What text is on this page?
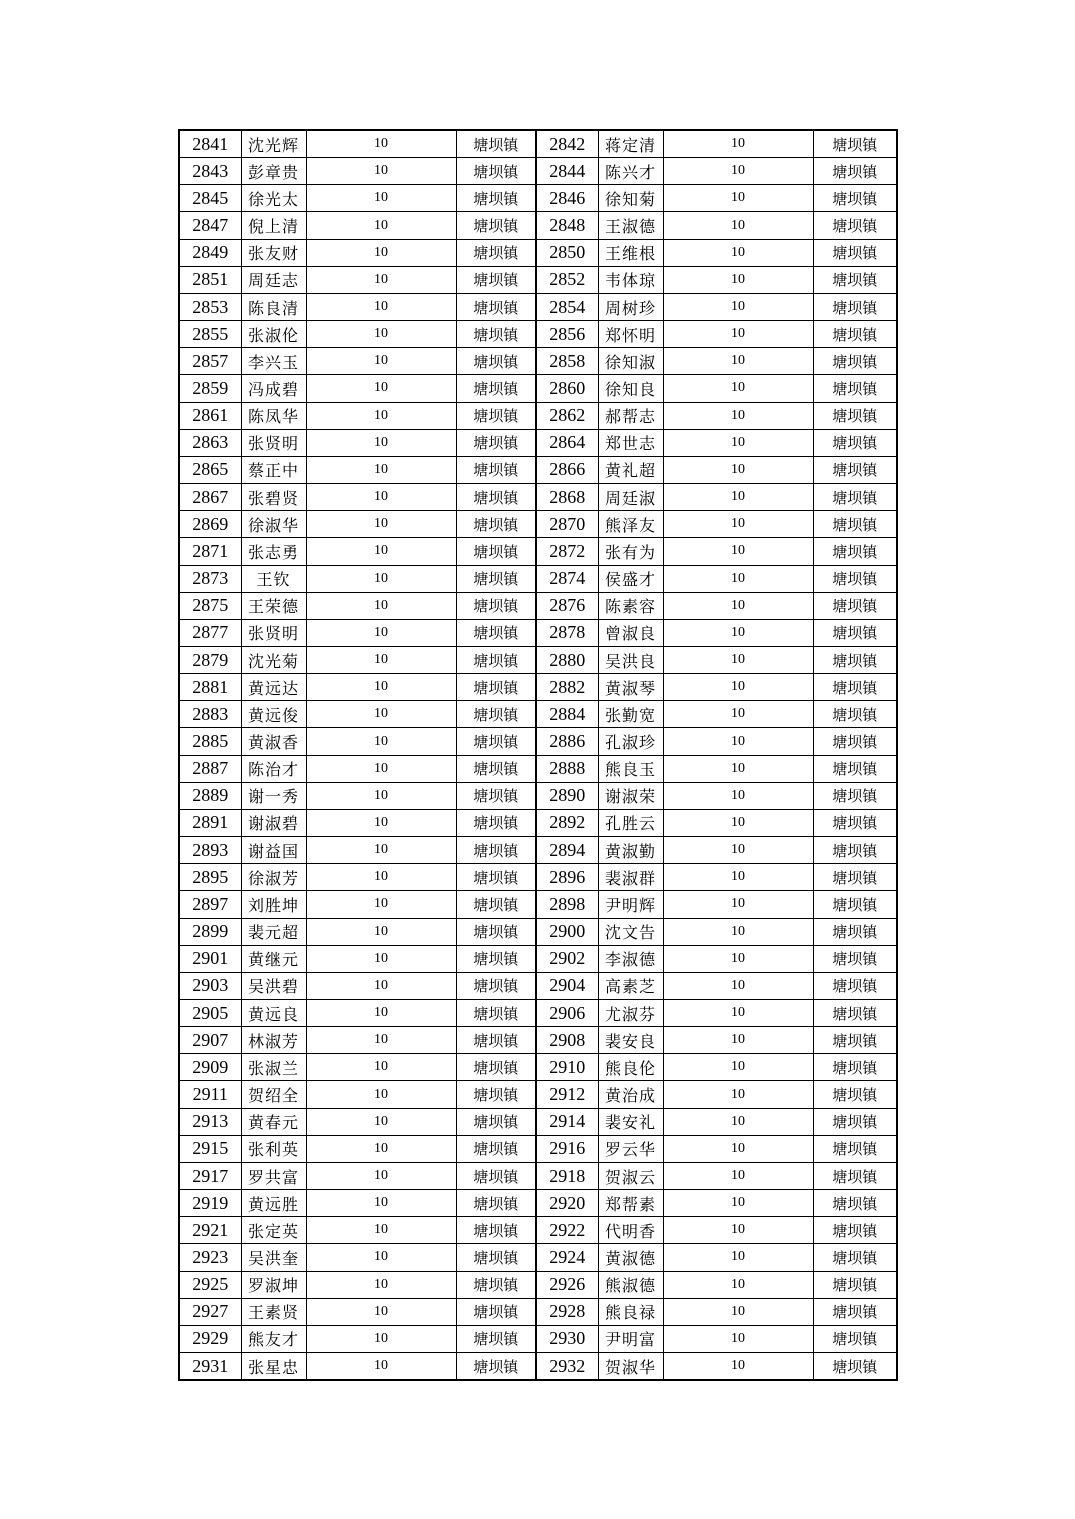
2841	沈光辉	10	塘坝镇	2842	蒋定清	10	塘坝镇
2843	彭章贵	10	塘坝镇	2844	陈兴才	10	塘坝镇
2845	徐光太	10	塘坝镇	2846	徐知菊	10	塘坝镇
2847	倪上清	10	塘坝镇	2848	王淑德	10	塘坝镇
2849	张友财	10	塘坝镇	2850	王维根	10	塘坝镇
2851	周廷志	10	塘坝镇	2852	韦体琼	10	塘坝镇
2853	陈良清	10	塘坝镇	2854	周树珍	10	塘坝镇
2855	张淑伦	10	塘坝镇	2856	郑怀明	10	塘坝镇
2857	李兴玉	10	塘坝镇	2858	徐知淑	10	塘坝镇
2859	冯成碧	10	塘坝镇	2860	徐知良	10	塘坝镇
2861	陈凤华	10	塘坝镇	2862	郝帮志	10	塘坝镇
2863	张贤明	10	塘坝镇	2864	郑世志	10	塘坝镇
2865	蔡正中	10	塘坝镇	2866	黄礼超	10	塘坝镇
2867	张碧贤	10	塘坝镇	2868	周廷淑	10	塘坝镇
2869	徐淑华	10	塘坝镇	2870	熊泽友	10	塘坝镇
2871	张志勇	10	塘坝镇	2872	张有为	10	塘坝镇
2873	王钦	10	塘坝镇	2874	侯盛才	10	塘坝镇
2875	王荣德	10	塘坝镇	2876	陈素容	10	塘坝镇
2877	张贤明	10	塘坝镇	2878	曾淑良	10	塘坝镇
2879	沈光菊	10	塘坝镇	2880	吴洪良	10	塘坝镇
2881	黄远达	10	塘坝镇	2882	黄淑琴	10	塘坝镇
2883	黄远俊	10	塘坝镇	2884	张勤宽	10	塘坝镇
2885	黄淑香	10	塘坝镇	2886	孔淑珍	10	塘坝镇
2887	陈治才	10	塘坝镇	2888	熊良玉	10	塘坝镇
2889	谢一秀	10	塘坝镇	2890	谢淑荣	10	塘坝镇
2891	谢淑碧	10	塘坝镇	2892	孔胜云	10	塘坝镇
2893	谢益国	10	塘坝镇	2894	黄淑勤	10	塘坝镇
2895	徐淑芳	10	塘坝镇	2896	裴淑群	10	塘坝镇
2897	刘胜坤	10	塘坝镇	2898	尹明辉	10	塘坝镇
2899	裴元超	10	塘坝镇	2900	沈文告	10	塘坝镇
2901	黄继元	10	塘坝镇	2902	李淑德	10	塘坝镇
2903	吴洪碧	10	塘坝镇	2904	高素芝	10	塘坝镇
2905	黄远良	10	塘坝镇	2906	尤淑芬	10	塘坝镇
2907	林淑芳	10	塘坝镇	2908	裴安良	10	塘坝镇
2909	张淑兰	10	塘坝镇	2910	熊良伦	10	塘坝镇
2911	贺绍全	10	塘坝镇	2912	黄治成	10	塘坝镇
2913	黄春元	10	塘坝镇	2914	裴安礼	10	塘坝镇
2915	张利英	10	塘坝镇	2916	罗云华	10	塘坝镇
2917	罗共富	10	塘坝镇	2918	贺淑云	10	塘坝镇
2919	黄远胜	10	塘坝镇	2920	郑帮素	10	塘坝镇
2921	张定英	10	塘坝镇	2922	代明香	10	塘坝镇
2923	吴洪奎	10	塘坝镇	2924	黄淑德	10	塘坝镇
2925	罗淑坤	10	塘坝镇	2926	熊淑德	10	塘坝镇
2927	王素贤	10	塘坝镇	2928	熊良禄	10	塘坝镇
2929	熊友才	10	塘坝镇	2930	尹明富	10	塘坝镇
2931	张星忠	10	塘坝镇	2932	贺淑华	10	塘坝镇
